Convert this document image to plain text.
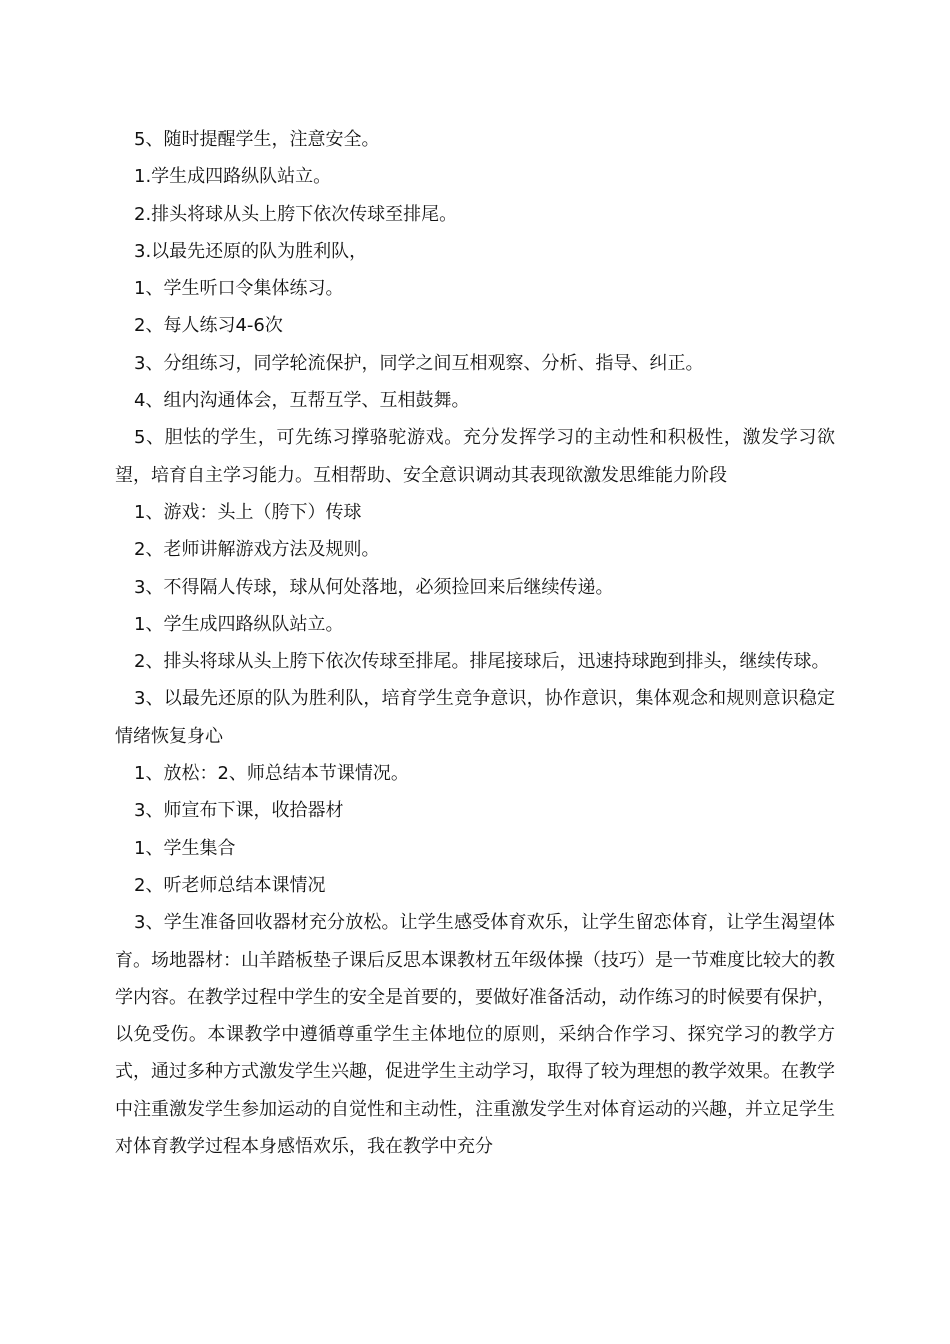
5、随时提醒学生，注意安全。

1.学生成四路纵队站立。

2.排头将球从头上胯下依次传球至排尾。

3.以最先还原的队为胜利队，

1、学生听口令集体练习。

2、每人练习4-6次

3、分组练习，同学轮流保护，同学之间互相观察、分析、指导、纠正。

4、组内沟通体会，互帮互学、互相鼓舞。

5、胆怯的学生，可先练习撑骆驼游戏。充分发挥学习的主动性和积极性，激发学习欲望，培育自主学习能力。互相帮助、安全意识调动其表现欲激发思维能力阶段

1、游戏：头上（胯下）传球

2、老师讲解游戏方法及规则。

3、不得隔人传球，球从何处落地，必须捡回来后继续传递。

1、学生成四路纵队站立。

2、排头将球从头上胯下依次传球至排尾。排尾接球后，迅速持球跑到排头，继续传球。

3、以最先还原的队为胜利队，培育学生竞争意识，协作意识，集体观念和规则意识稳定情绪恢复身心

1、放松：2、师总结本节课情况。

3、师宣布下课，收拾器材

1、学生集合

2、听老师总结本课情况

3、学生准备回收器材充分放松。让学生感受体育欢乐，让学生留恋体育，让学生渴望体育。场地器材：山羊踏板垫子课后反思本课教材五年级体操（技巧）是一节难度比较大的教学内容。在教学过程中学生的安全是首要的，要做好准备活动，动作练习的时候要有保护，以免受伤。本课教学中遵循尊重学生主体地位的原则，采纳合作学习、探究学习的教学方式，通过多种方式激发学生兴趣，促进学生主动学习，取得了较为理想的教学效果。在教学中注重激发学生参加运动的自觉性和主动性，注重激发学生对体育运动的兴趣，并立足学生对体育教学过程本身感悟欢乐，我在教学中充分
